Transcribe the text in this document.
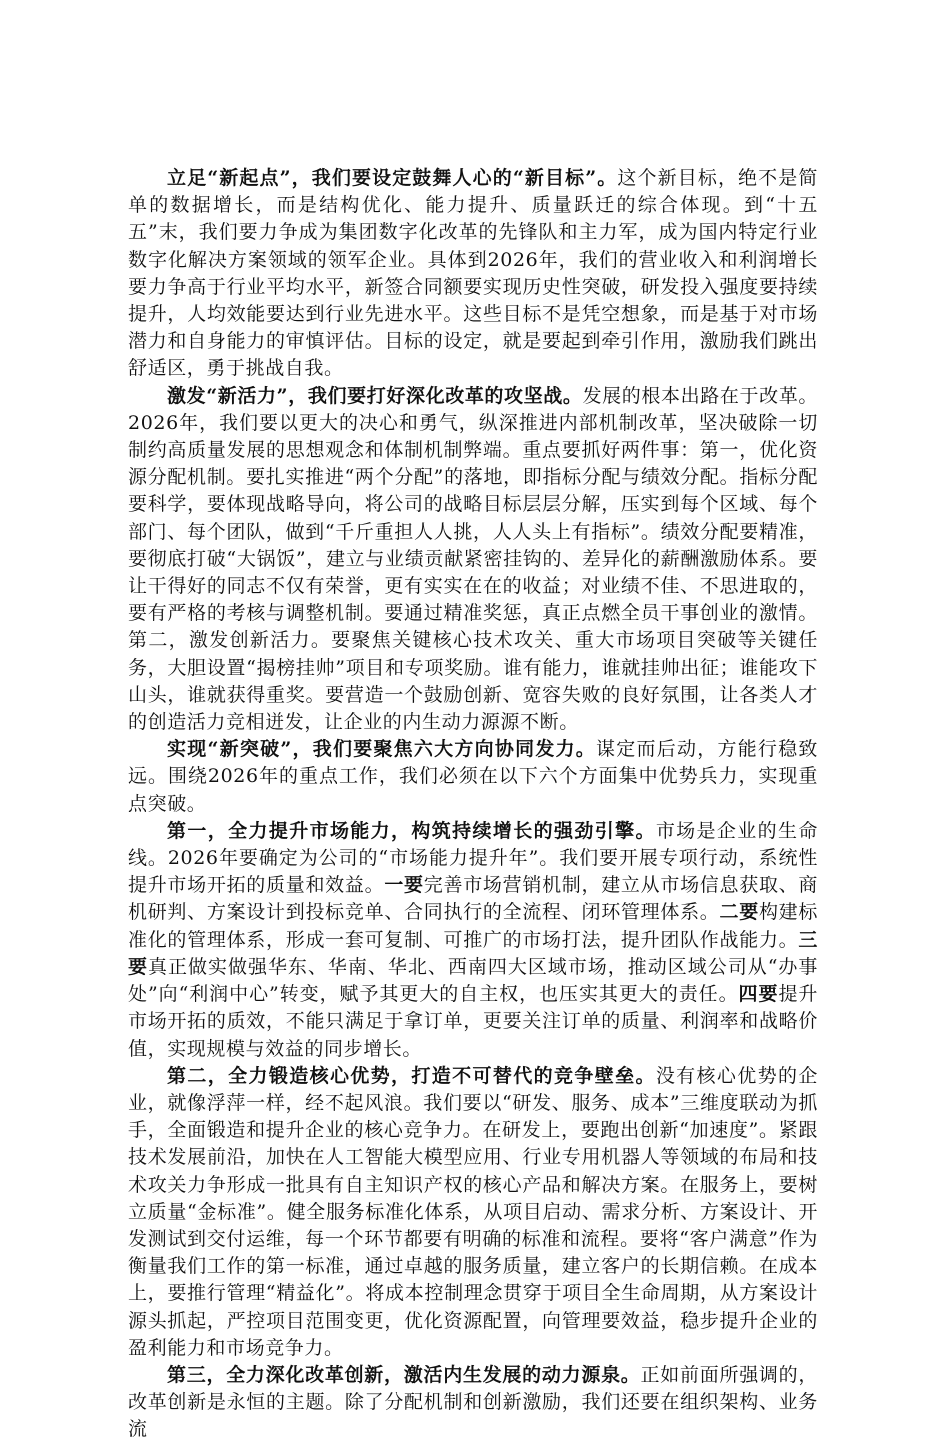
立足“新起点”，我们要设定鼓舞人心的“新目标”。这个新目标，绝不是简单的数据增长，而是结构优化、能力提升、质量跃迁的综合体现。到“十五五”末，我们要力争成为集团数字化改革的先锋队和主力军，成为国内特定行业数字化解决方案领域的领军企业。具体到2026年，我们的营业收入和利润增长要力争高于行业平均水平，新签合同额要实现历史性突破，研发投入强度要持续提升，人均效能要达到行业先进水平。这些目标不是凭空想象，而是基于对市场潜力和自身能力的审慎评估。目标的设定，就是要起到牵引作用，激励我们跳出舒适区，勇于挑战自我。

激发“新活力”，我们要打好深化改革的攻坚战。发展的根本出路在于改革。2026年，我们要以更大的决心和勇气，纵深推进内部机制改革，坚决破除一切制约高质量发展的思想观念和体制机制弊端。重点要抓好两件事：第一，优化资源分配机制。要扎实推进“两个分配”的落地，即指标分配与绩效分配。指标分配要科学，要体现战略导向，将公司的战略目标层层分解，压实到每个区域、每个部门、每个团队，做到“千斤重担人人挑，人人头上有指标”。绩效分配要精准，要彻底打破“大锅饭”，建立与业绩贡献紧密挂钩的、差异化的薪酬激励体系。要让干得好的同志不仅有荣誉，更有实实在在的收益；对业绩不佳、不思进取的，要有严格的考核与调整机制。要通过精准奖惩，真正点燃全员干事创业的激情。第二，激发创新活力。要聚焦关键核心技术攻关、重大市场项目突破等关键任务，大胆设置“揭榜挂帅”项目和专项奖励。谁有能力，谁就挂帅出征；谁能攻下山头，谁就获得重奖。要营造一个鼓励创新、宽容失败的良好氛围，让各类人才的创造活力竞相迸发，让企业的内生动力源源不断。

实现“新突破”，我们要聚焦六大方向协同发力。谋定而后动，方能行稳致远。围绕2026年的重点工作，我们必须在以下六个方面集中优势兵力，实现重点突破。

第一，全力提升市场能力，构筑持续增长的强劲引擎。市场是企业的生命线。2026年要确定为公司的“市场能力提升年”。我们要开展专项行动，系统性提升市场开拓的质量和效益。一要完善市场营销机制，建立从市场信息获取、商机研判、方案设计到投标竞单、合同执行的全流程、闭环管理体系。二要构建标准化的管理体系，形成一套可复制、可推广的市场打法，提升团队作战能力。三要真正做实做强华东、华南、华北、西南四大区域市场，推动区域公司从“办事处”向“利润中心”转变，赋予其更大的自主权，也压实其更大的责任。四要提升市场开拓的质效，不能只满足于拿订单，更要关注订单的质量、利润率和战略价值，实现规模与效益的同步增长。

第二，全力锻造核心优势，打造不可替代的竞争壁垒。没有核心优势的企业，就像浮萍一样，经不起风浪。我们要以“研发、服务、成本”三维度联动为抓手，全面锻造和提升企业的核心竞争力。在研发上，要跑出创新“加速度”。紧跟技术发展前沿，加快在人工智能大模型应用、行业专用机器人等领域的布局和技术攻关力争形成一批具有自主知识产权的核心产品和解决方案。在服务上，要树立质量“金标准”。健全服务标准化体系，从项目启动、需求分析、方案设计、开发测试到交付运维，每一个环节都要有明确的标准和流程。要将“客户满意”作为衡量我们工作的第一标准，通过卓越的服务质量，建立客户的长期信赖。在成本上，要推行管理“精益化”。将成本控制理念贯穿于项目全生命周期，从方案设计源头抓起，严控项目范围变更，优化资源配置，向管理要效益，稳步提升企业的盈利能力和市场竞争力。

第三，全力深化改革创新，激活内生发展的动力源泉。正如前面所强调的，改革创新是永恒的主题。除了分配机制和创新激励，我们还要在组织架构、业务流
